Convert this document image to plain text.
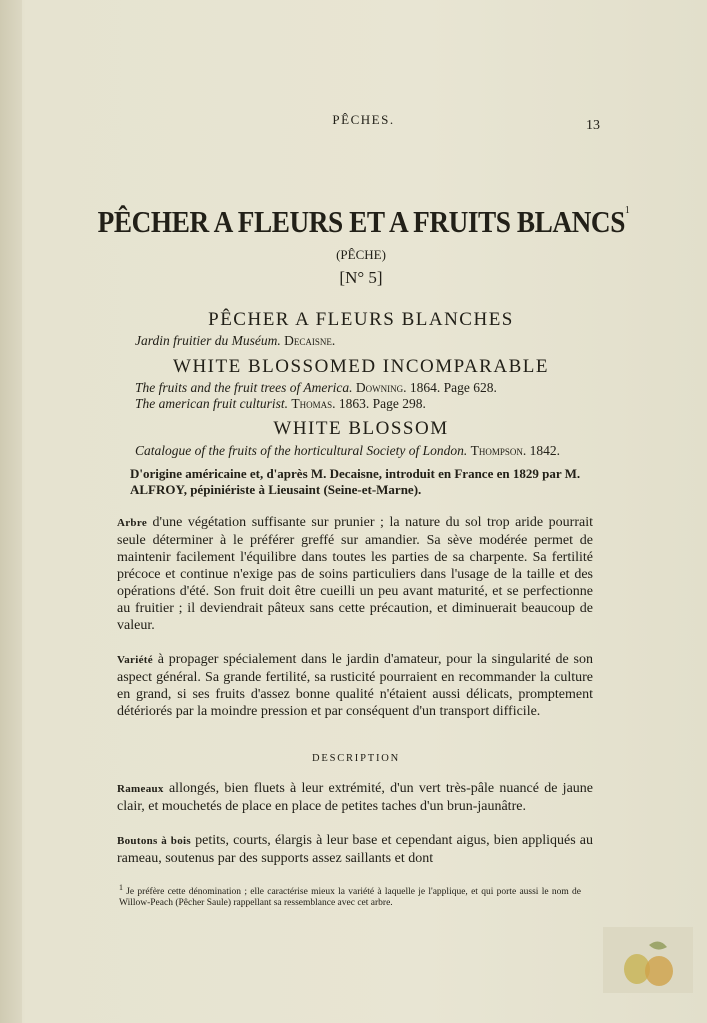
PÊCHES.	13
PÊCHER A FLEURS ET A FRUITS BLANCS$^1$
(PÊCHE)
[N° 5]
PÊCHER A FLEURS BLANCHES
Jardin fruitier du Muséum. Decaisne.
WHITE BLOSSOMED INCOMPARABLE
The fruits and the fruit trees of America. Downing. 1864. Page 628.
The american fruit culturist. Thomas. 1863. Page 298.
WHITE BLOSSOM
Catalogue of the fruits of the horticultural Society of London. Thompson. 1842.
D'origine américaine et, d'après M. Decaisne, introduit en France en 1829 par M. ALFROY, pépiniériste à Lieusaint (Seine-et-Marne).
Arbre d'une végétation suffisante sur prunier ; la nature du sol trop aride pourrait seule déterminer à le préférer greffé sur amandier. Sa sève modérée permet de maintenir facilement l'équilibre dans toutes les parties de sa charpente. Sa fertilité précoce et continue n'exige pas de soins particuliers dans l'usage de la taille et des opérations d'été. Son fruit doit être cueilli un peu avant maturité, et se perfectionne au fruitier ; il deviendrait pâteux sans cette précaution, et diminuerait beaucoup de valeur.
Variété à propager spécialement dans le jardin d'amateur, pour la singularité de son aspect général. Sa grande fertilité, sa rusticité pourraient en recommander la culture en grand, si ses fruits d'assez bonne qualité n'étaient aussi délicats, promptement détériorés par la moindre pression et par conséquent d'un transport difficile.
DESCRIPTION
Rameaux allongés, bien fluets à leur extrémité, d'un vert très-pâle nuancé de jaune clair, et mouchetés de place en place de petites taches d'un brun-jaunâtre.
Boutons à bois petits, courts, élargis à leur base et cependant aigus, bien appliqués au rameau, soutenus par des supports assez saillants et dont
$^1$ Je préfère cette dénomination ; elle caractérise mieux la variété à laquelle je l'applique, et qui porte aussi le nom de Willow-Peach (Pêcher Saule) rappellant sa ressemblance avec cet arbre.
